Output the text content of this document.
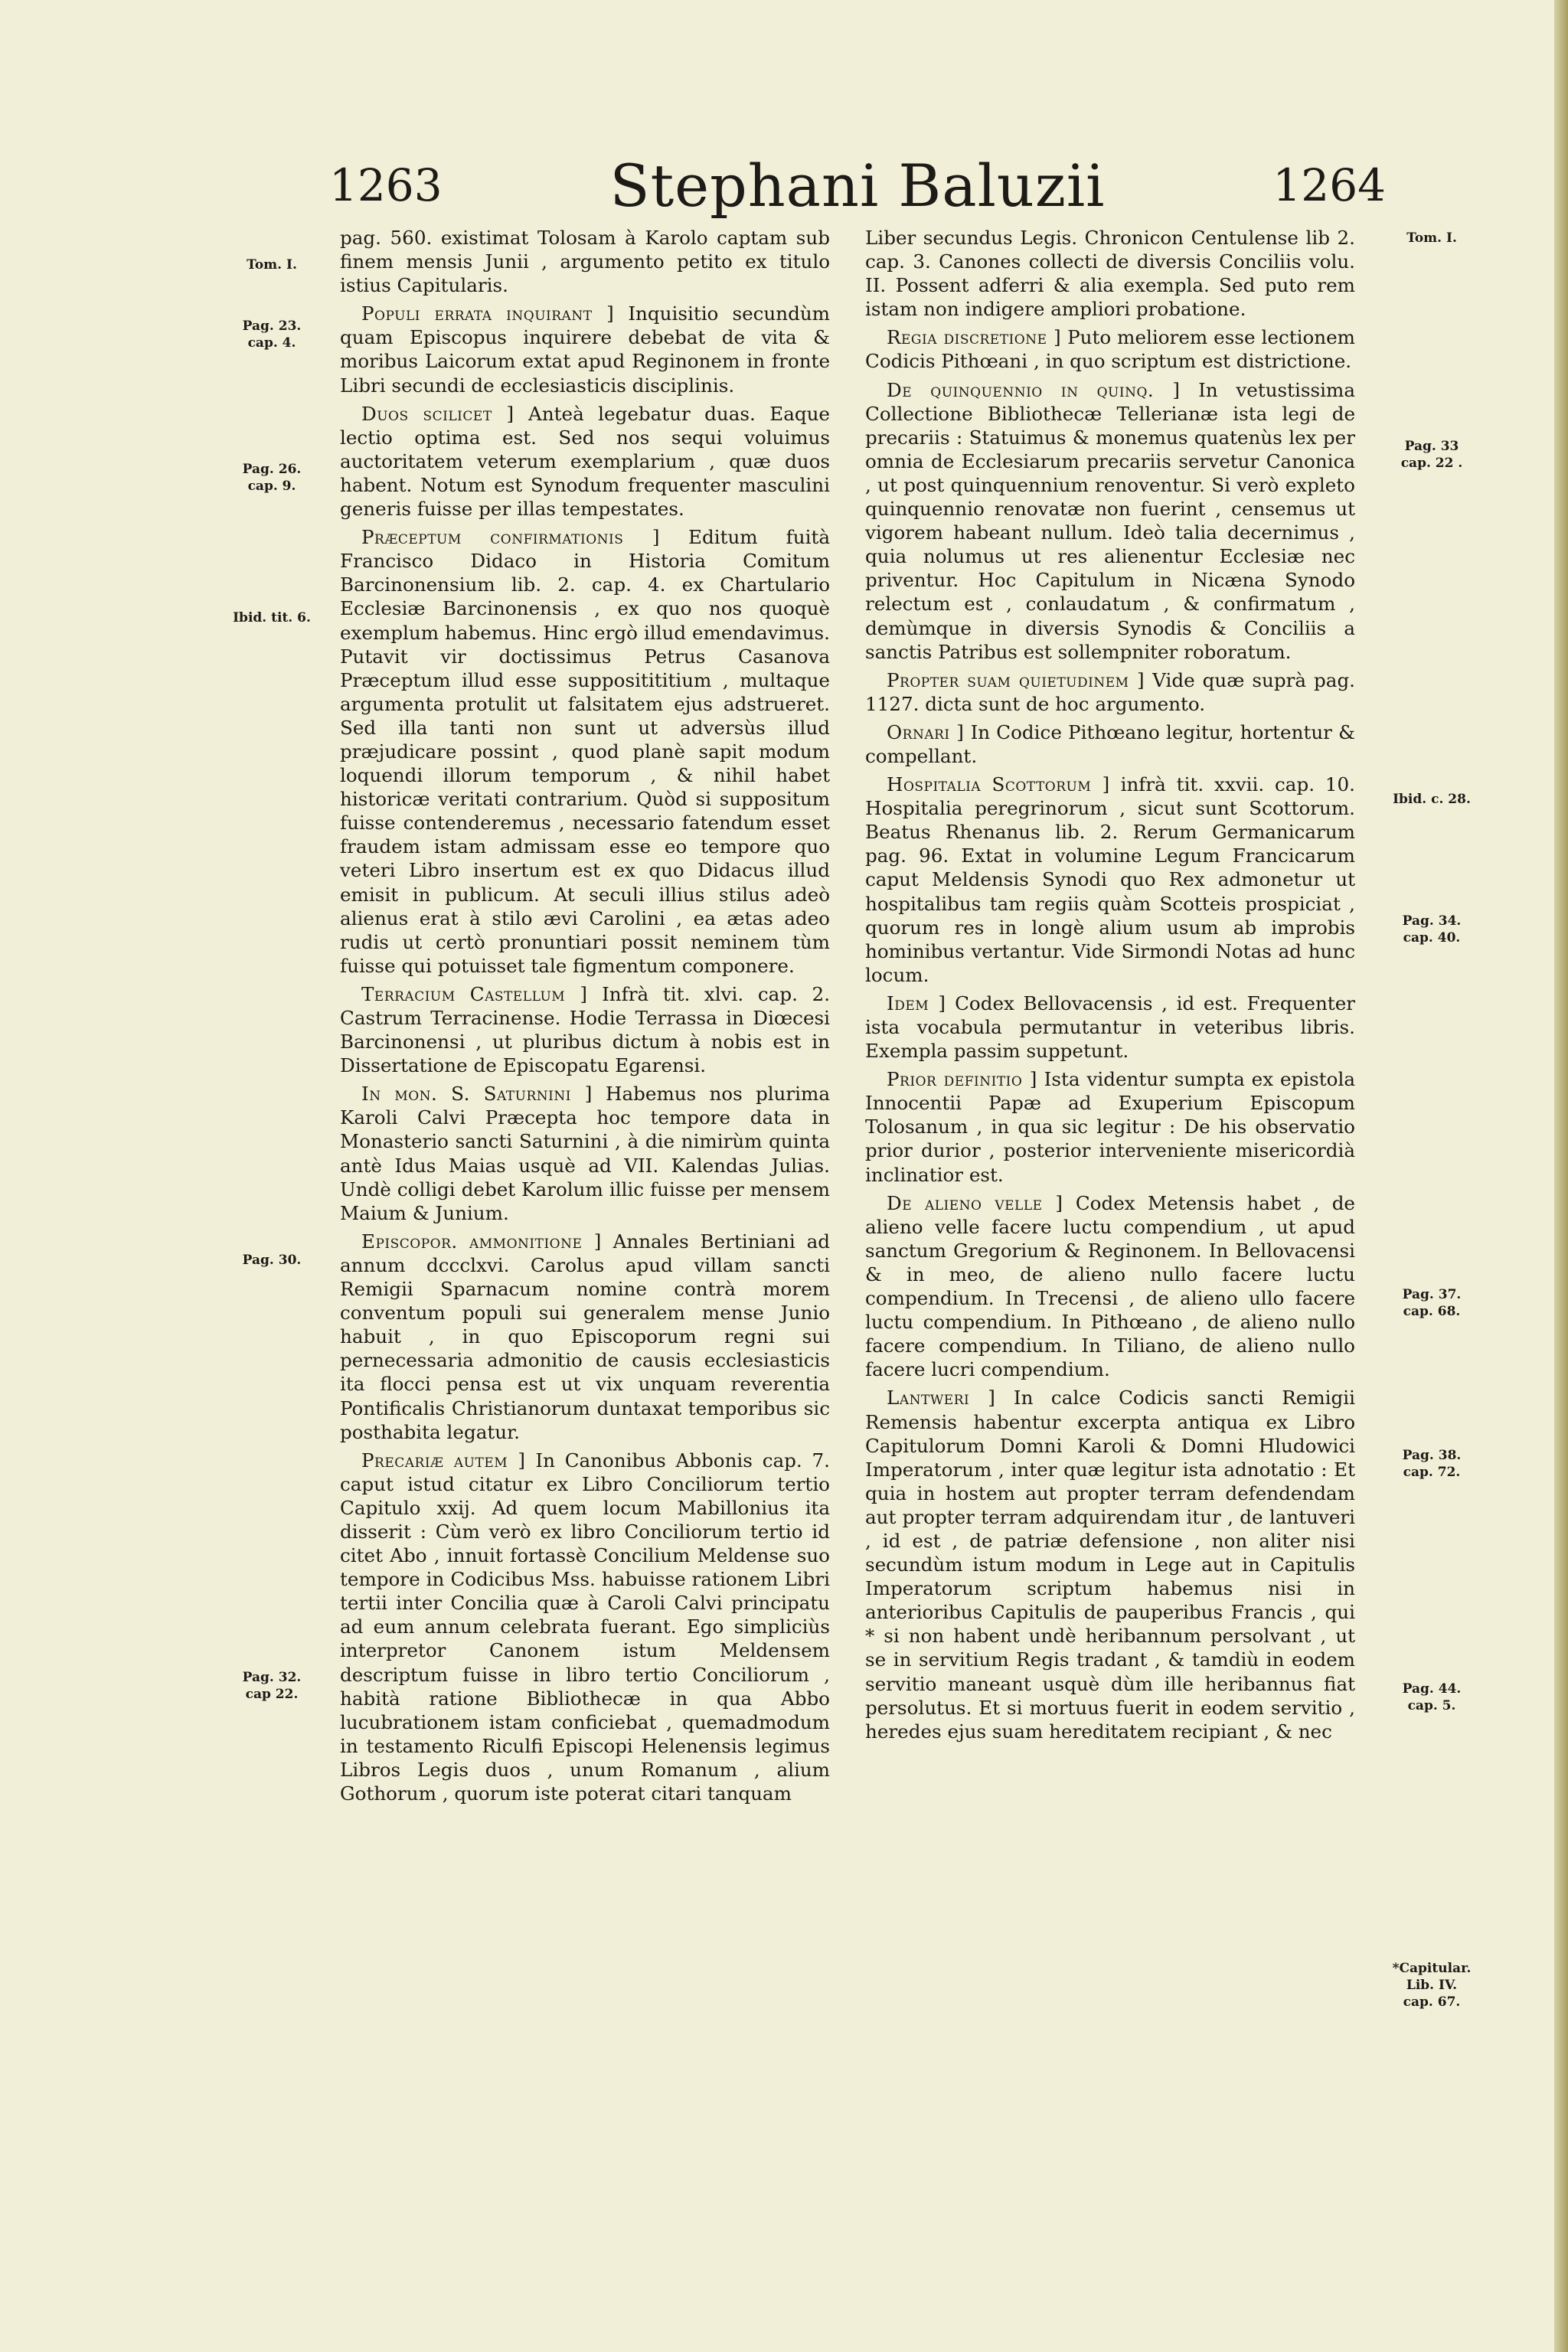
1263	Stephani Baluzii	1264
Tom. I.
Pag. 23.
cap. 4.
Pag. 26.
cap. 9.
Ibid. tit. 6.
Pag. 30.
Pag. 32.
cap 22.
Tom. I.
Pag. 33
cap. 22 .
Ibid. c. 28.
Pag. 34.
cap. 40.
Pag. 37.
cap. 68.
Pag. 38.
cap. 72.
Pag. 44.
cap. 5.
*Capitular.
Lib. IV.
cap. 67.

pag. 560. existimat Tolosam à Karolo captam sub finem mensis Junii , argumento petito ex titulo istius Capitularis.

Populi errata inquirant ] Inquisitio secundùm quam Episcopus inquirere debebat de vita & moribus Laicorum extat apud Reginonem in fronte Libri secundi de ecclesiasticis disciplinis.

Duos scilicet ] Anteà legebatur duas. Eaque lectio optima est. Sed nos sequi voluimus auctoritatem veterum exemplarium , quæ duos habent. Notum est Synodum frequenter masculini generis fuisse per illas tempestates.

Præceptum confirmationis ] Editum fuità Francisco Didaco in Historia Comitum Barcinonensium lib. 2. cap. 4. ex Chartulario Ecclesiæ Barcinonensis , ex quo nos quoquè exemplum habemus. Hinc ergò illud emendavimus. Putavit vir doctissimus Petrus Casanova Præceptum illud esse suppositititium , multaque argumenta protulit ut falsitatem ejus adstrueret. Sed illa tanti non sunt ut adversùs illud præjudicare possint , quod planè sapit modum loquendi illorum temporum , & nihil habet historicæ veritati contrarium. Quòd si suppositum fuisse contenderemus , necessario fatendum esset fraudem istam admissam esse eo tempore quo veteri Libro insertum est ex quo Didacus illud emisit in publicum. At seculi illius stilus adeò alienus erat à stilo ævi Carolini , ea ætas adeo rudis ut certò pronuntiari possit neminem tùm fuisse qui potuisset tale figmentum componere.

Terracium Castellum ] Infrà tit. xlvi. cap. 2. Castrum Terracinense. Hodie Terrassa in Diœcesi Barcinonensi , ut pluribus dictum à nobis est in Dissertatione de Episcopatu Egarensi.

In mon. S. Saturnini ] Habemus nos plurima Karoli Calvi Præcepta hoc tempore data in Monasterio sancti Saturnini , à die nimirùm quinta antè Idus Maias usquè ad VII. Kalendas Julias. Undè colligi debet Karolum illic fuisse per mensem Maium & Junium.

Episcopor. ammonitione ] Annales Bertiniani ad annum dccclxvi. Carolus apud villam sancti Remigii Sparnacum nomine contrà morem conventum populi sui generalem mense Junio habuit , in quo Episcoporum regni sui pernecessaria admonitio de causis ecclesiasticis ita flocci pensa est ut vix unquam reverentia Pontificalis Christianorum duntaxat temporibus sic posthabita legatur.

Precariæ autem ] In Canonibus Abbonis cap. 7. caput istud citatur ex Libro Conciliorum tertio Capitulo xxij. Ad quem locum Mabillonius ita disserit : Cùm verò ex libro Conciliorum tertio id citet Abo , innuit fortassè Concilium Meldense suo tempore in Codicibus Mss. habuisse rationem Libri tertii inter Concilia quæ à Caroli Calvi principatu ad eum annum celebrata fuerant. Ego simpliciùs interpretor Canonem istum Meldensem descriptum fuisse in libro tertio Conciliorum , habità ratione Bibliothecæ in qua Abbo lucubrationem istam conficiebat , quemadmodum in testamento Riculfi Episcopi Helenensis legimus Libros Legis duos , unum Romanum , alium Gothorum , quorum iste poterat citari tanquam

Liber secundus Legis. Chronicon Centulense lib 2. cap. 3. Canones collecti de diversis Conciliis volu. II. Possent adferri & alia exempla. Sed puto rem istam non indigere ampliori probatione.

Regia discretione ] Puto meliorem esse lectionem Codicis Pithœani , in quo scriptum est districtione.

De quinquennio in quinq. ] In vetustissima Collectione Bibliothecæ Tellerianæ ista legi de precariis : Statuimus & monemus quatenùs lex per omnia de Ecclesiarum precariis servetur Canonica , ut post quinquennium renoventur. Si verò expleto quinquennio renovatæ non fuerint , censemus ut vigorem habeant nullum. Ideò talia decernimus , quia nolumus ut res alienentur Ecclesiæ nec priventur. Hoc Capitulum in Nicæna Synodo relectum est , conlaudatum , & confirmatum , demùmque in diversis Synodis & Conciliis a sanctis Patribus est sollempniter roboratum.

Propter suam quietudinem ] Vide quæ suprà pag. 1127. dicta sunt de hoc argumento.

Ornari ] In Codice Pithœano legitur, hortentur & compellant.

Hospitalia Scottorum ] infrà tit. xxvii. cap. 10. Hospitalia peregrinorum , sicut sunt Scottorum. Beatus Rhenanus lib. 2. Rerum Germanicarum pag. 96. Extat in volumine Legum Francicarum caput Meldensis Synodi quo Rex admonetur ut hospitalibus tam regiis quàm Scotteis prospiciat , quorum res in longè alium usum ab improbis hominibus vertantur. Vide Sirmondi Notas ad hunc locum.

Idem ] Codex Bellovacensis , id est. Frequenter ista vocabula permutantur in veteribus libris. Exempla passim suppetunt.

Prior definitio ] Ista videntur sumpta ex epistola Innocentii Papæ ad Exuperium Episcopum Tolosanum , in qua sic legitur : De his observatio prior durior , posterior interveniente misericordià inclinatior est.

De alieno velle ] Codex Metensis habet , de alieno velle facere luctu compendium , ut apud sanctum Gregorium & Reginonem. In Bellovacensi & in meo, de alieno nullo facere luctu compendium. In Trecensi , de alieno ullo facere luctu compendium. In Pithœano , de alieno nullo facere compendium. In Tiliano, de alieno nullo facere lucri compendium.

Lantweri ] In calce Codicis sancti Remigii Remensis habentur excerpta antiqua ex Libro Capitulorum Domni Karoli & Domni Hludowici Imperatorum , inter quæ legitur ista adnotatio : Et quia in hostem aut propter terram defendendam aut propter terram adquirendam itur , de lantuveri , id est , de patriæ defensione , non aliter nisi secundùm istum modum in Lege aut in Capitulis Imperatorum scriptum habemus nisi in anterioribus Capitulis de pauperibus Francis , qui * si non habent undè heribannum persolvant , ut se in servitium Regis tradant , & tamdiù in eodem servitio maneant usquè dùm ille heribannus fiat persolutus. Et si mortuus fuerit in eodem servitio , heredes ejus suam hereditatem recipiant , & nec
